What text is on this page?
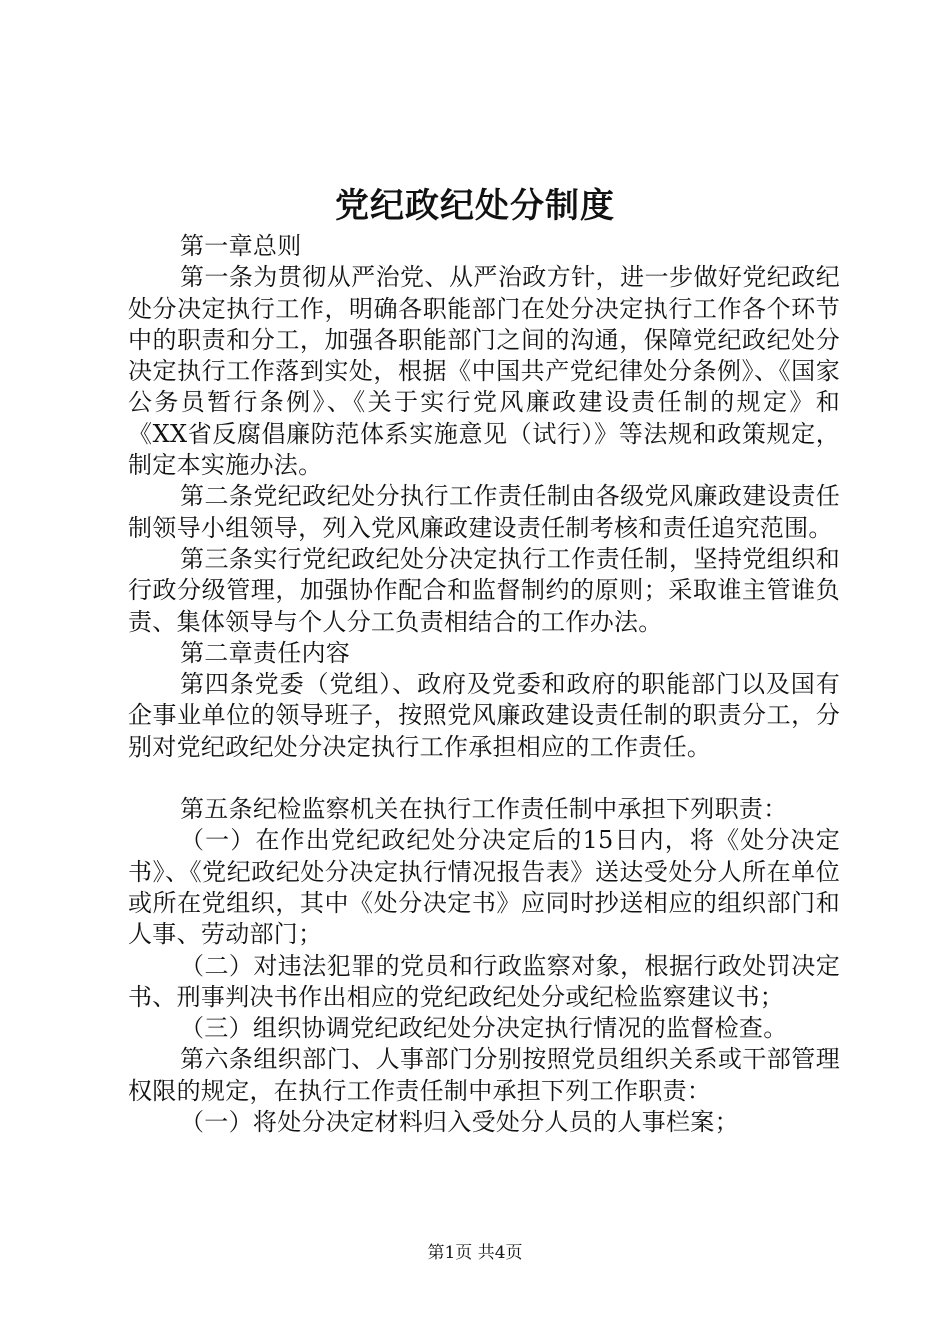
党纪政纪处分制度

第一章总则

第一条为贯彻从严治党、从严治政方针，进一步做好党纪政纪处分决定执行工作，明确各职能部门在处分决定执行工作各个环节中的职责和分工，加强各职能部门之间的沟通，保障党纪政纪处分决定执行工作落到实处，根据《中国共产党纪律处分条例》、《国家公务员暂行条例》、《关于实行党风廉政建设责任制的规定》和《XX省反腐倡廉防范体系实施意见（试行）》等法规和政策规定，制定本实施办法。

第二条党纪政纪处分执行工作责任制由各级党风廉政建设责任制领导小组领导，列入党风廉政建设责任制考核和责任追究范围。

第三条实行党纪政纪处分决定执行工作责任制，坚持党组织和行政分级管理，加强协作配合和监督制约的原则；采取谁主管谁负责、集体领导与个人分工负责相结合的工作办法。

第二章责任内容

第四条党委（党组）、政府及党委和政府的职能部门以及国有企事业单位的领导班子，按照党风廉政建设责任制的职责分工，分别对党纪政纪处分决定执行工作承担相应的工作责任。

第五条纪检监察机关在执行工作责任制中承担下列职责：

（一）在作出党纪政纪处分决定后的15日内，将《处分决定书》、《党纪政纪处分决定执行情况报告表》送达受处分人所在单位或所在党组织，其中《处分决定书》应同时抄送相应的组织部门和人事、劳动部门；

（二）对违法犯罪的党员和行政监察对象，根据行政处罚决定书、刑事判决书作出相应的党纪政纪处分或纪检监察建议书；

（三）组织协调党纪政纪处分决定执行情况的监督检查。

第六条组织部门、人事部门分别按照党员组织关系或干部管理权限的规定，在执行工作责任制中承担下列工作职责：

（一）将处分决定材料归入受处分人员的人事栏案；

第1页 共4页
